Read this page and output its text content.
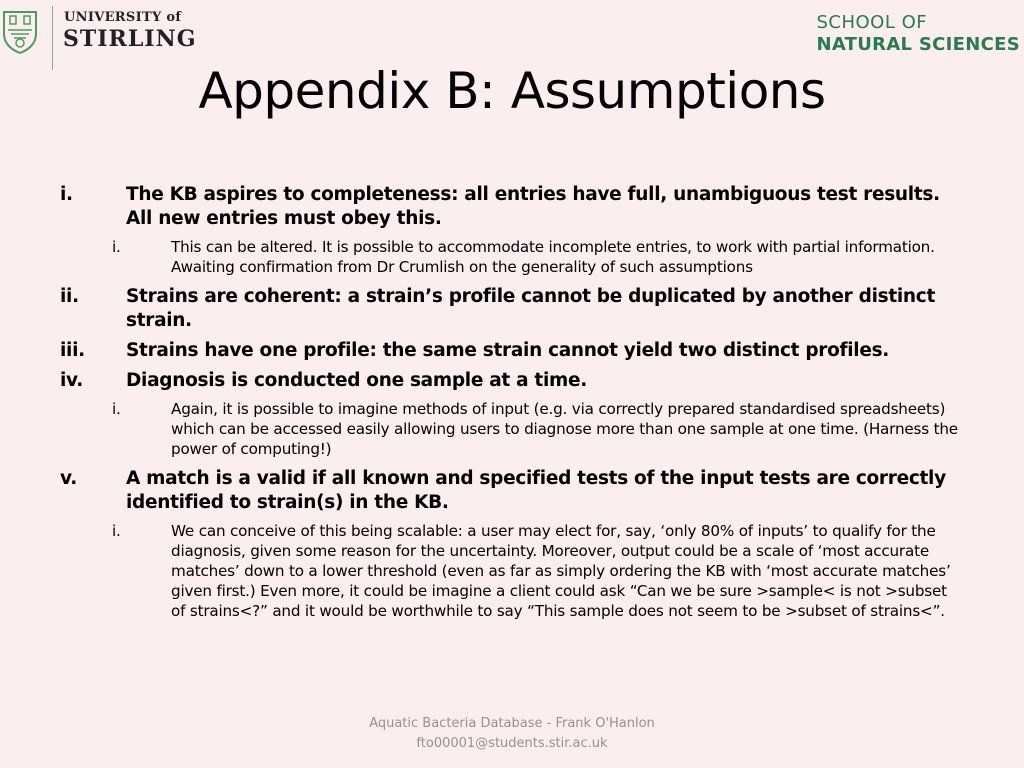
UNIVERSITY of
STIRLING
SCHOOL OF
NATURAL SCIENCES
Appendix B: Assumptions
i.	The KB aspires to completeness: all entries have full, unambiguous test results. All new entries must obey this.
i.	This can be altered. It is possible to accommodate incomplete entries, to work with partial information. Awaiting confirmation from Dr Crumlish on the generality of such assumptions
ii.	Strains are coherent: a strain’s profile cannot be duplicated by another distinct strain.
iii. Strains have one profile: the same strain cannot yield two distinct profiles.
iv. Diagnosis is conducted one sample at a time.
i.	Again, it is possible to imagine methods of input (e.g. via correctly prepared standardised spreadsheets) which can be accessed easily allowing users to diagnose more than one sample at one time. (Harness the power of computing!)
v.	A match is a valid if all known and specified tests of the input tests are correctly identified to strain(s) in the KB.
i.	We can conceive of this being scalable: a user may elect for, say, ‘only 80% of inputs’ to qualify for the diagnosis, given some reason for the uncertainty. Moreover, output could be a scale of ‘most accurate matches’ down to a lower threshold (even as far as simply ordering the KB with ‘most accurate matches’ given first.) Even more, it could be imagine a client could ask “Can we be sure >sample< is not >subset of strains<?” and it would be worthwhile to say “This sample does not seem to be >subset of strains<”.
Aquatic Bacteria Database - Frank O'Hanlon
fto00001@students.stir.ac.uk
